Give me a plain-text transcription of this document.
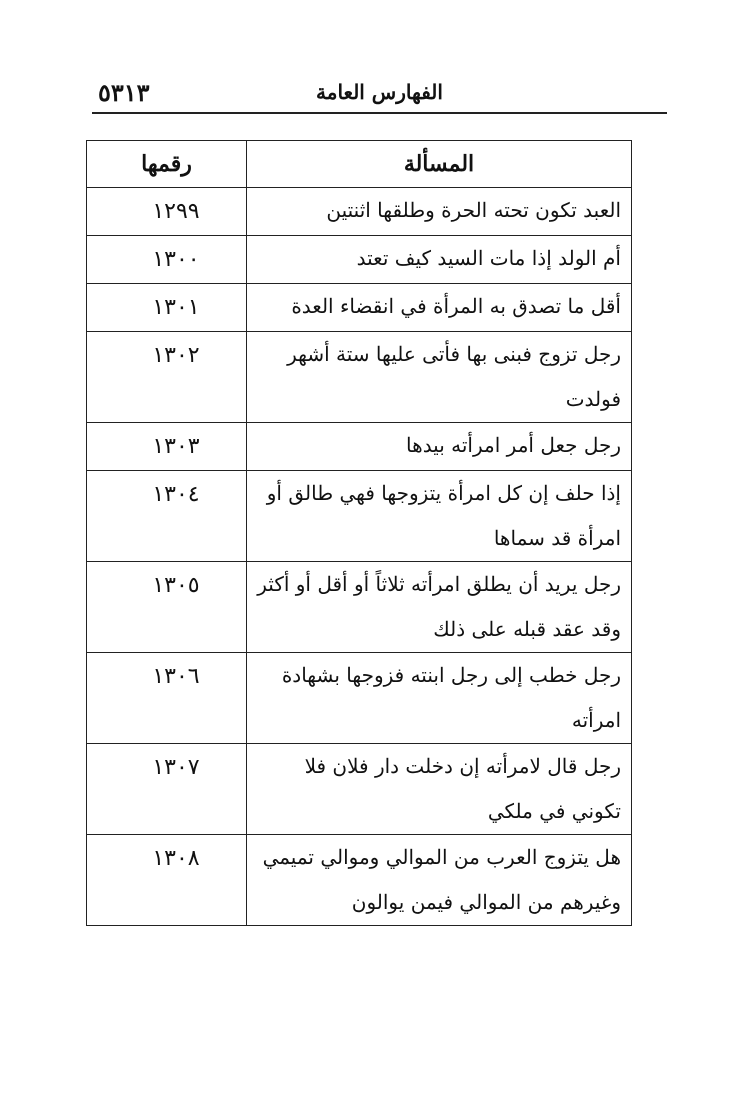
٥٣١٣	الفهارس العامة
المسألة	رقمها
العبد تكون تحته الحرة وطلقها اثنتين	١٢٩٩
أم الولد إذا مات السيد كيف تعتد	١٣٠٠
أقل ما تصدق به المرأة في انقضاء العدة	١٣٠١
رجل تزوج فبنى بها فأتى عليها ستة أشهر فولدت	١٣٠٢
رجل جعل أمر امرأته بيدها	١٣٠٣
إذا حلف إن كل امرأة يتزوجها فهي طالق أو امرأة قد سماها	١٣٠٤
رجل يريد أن يطلق امرأته ثلاثاً أو أقل أو أكثر وقد عقد قبله على ذلك	١٣٠٥
رجل خطب إلى رجل ابنته فزوجها بشهادة امرأته	١٣٠٦
رجل قال لامرأته إن دخلت دار فلان فلا تكوني في ملكي	١٣٠٧
هل يتزوج العرب من الموالي وموالي تميمي وغيرهم من الموالي فيمن يوالون	١٣٠٨
